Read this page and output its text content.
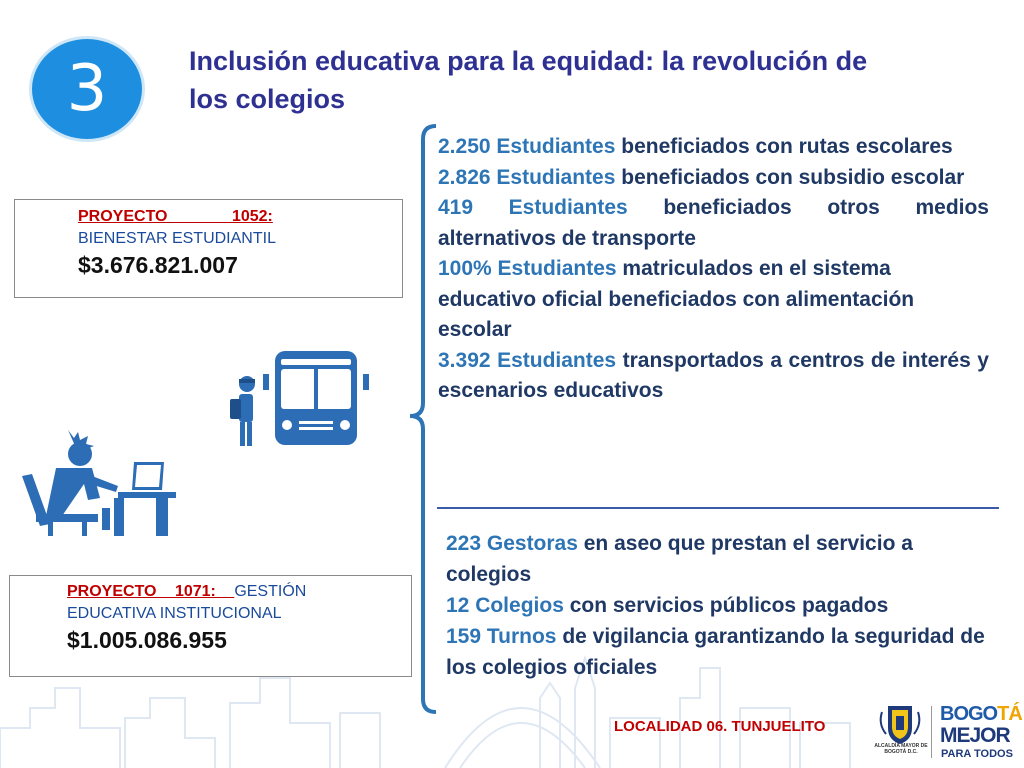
3	Inclusión educativa para la equidad: la revolución de los colegios
PROYECTO 1052:
BIENESTAR ESTUDIANTIL
$3.676.821.007
PROYECTO 1071: GESTIÓN
EDUCATIVA INSTITUCIONAL
$1.005.086.955

2.250 Estudiantes beneficiados con rutas escolares

2.826 Estudiantes beneficiados con subsidio escolar

419 Estudiantes beneficiados otros medios alternativos de transporte

100% Estudiantes matriculados en el sistema educativo oficial beneficiados con alimentación escolar

3.392 Estudiantes transportados a centros de interés y escenarios educativos

223 Gestoras en aseo que prestan el servicio a colegios

12 Colegios con servicios públicos pagados

159 Turnos de vigilancia garantizando la seguridad de los colegios oficiales

LOCALIDAD 06. TUNJUELITO
ALCALDÍA MAYOR DE BOGOTÁ D.C.
BOGOTÁ
MEJOR
PARA TODOS
